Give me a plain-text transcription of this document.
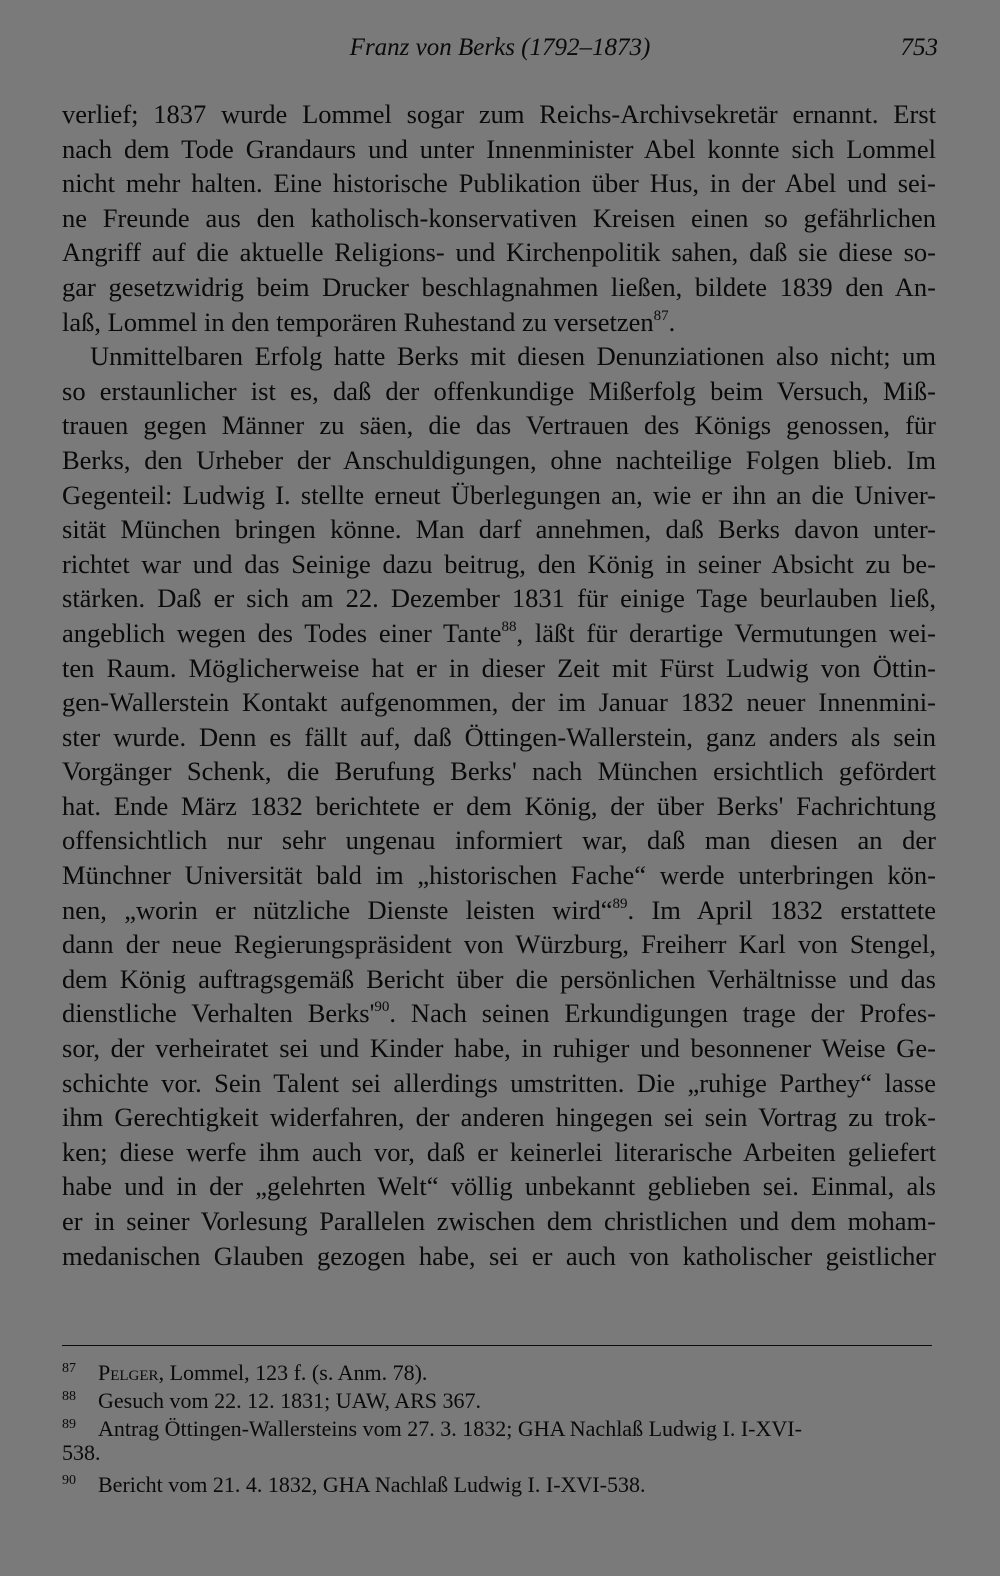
Franz von Berks (1792–1873)	753
verlief; 1837 wurde Lommel sogar zum Reichs-Archivsekretär ernannt. Erst
nach dem Tode Grandaurs und unter Innenminister Abel konnte sich Lommel
nicht mehr halten. Eine historische Publikation über Hus, in der Abel und sei-
ne Freunde aus den katholisch-konservativen Kreisen einen so gefährlichen
Angriff auf die aktuelle Religions- und Kirchenpolitik sahen, daß sie diese so-
gar gesetzwidrig beim Drucker beschlagnahmen ließen, bildete 1839 den An-
laß, Lommel in den temporären Ruhestand zu versetzen$^{87}$.
Unmittelbaren Erfolg hatte Berks mit diesen Denunziationen also nicht; um
so erstaunlicher ist es, daß der offenkundige Mißerfolg beim Versuch, Miß-
trauen gegen Männer zu säen, die das Vertrauen des Königs genossen, für
Berks, den Urheber der Anschuldigungen, ohne nachteilige Folgen blieb. Im
Gegenteil: Ludwig I. stellte erneut Überlegungen an, wie er ihn an die Univer-
sität München bringen könne. Man darf annehmen, daß Berks davon unter-
richtet war und das Seinige dazu beitrug, den König in seiner Absicht zu be-
stärken. Daß er sich am 22. Dezember 1831 für einige Tage beurlauben ließ,
angeblich wegen des Todes einer Tante$^{88}$, läßt für derartige Vermutungen wei-
ten Raum. Möglicherweise hat er in dieser Zeit mit Fürst Ludwig von Öttin-
gen-Wallerstein Kontakt aufgenommen, der im Januar 1832 neuer Innenmini-
ster wurde. Denn es fällt auf, daß Öttingen-Wallerstein, ganz anders als sein
Vorgänger Schenk, die Berufung Berks' nach München ersichtlich gefördert
hat. Ende März 1832 berichtete er dem König, der über Berks' Fachrichtung
offensichtlich nur sehr ungenau informiert war, daß man diesen an der
Münchner Universität bald im „historischen Fache“ werde unterbringen kön-
nen, „worin er nützliche Dienste leisten wird“$^{89}$. Im April 1832 erstattete
dann der neue Regierungspräsident von Würzburg, Freiherr Karl von Stengel,
dem König auftragsgemäß Bericht über die persönlichen Verhältnisse und das
dienstliche Verhalten $Berks'^{90}$. Nach seinen Erkundigungen trage der Profes-
sor, der verheiratet sei und Kinder habe, in ruhiger und besonnener Weise Ge-
schichte vor. Sein Talent sei allerdings umstritten. Die „ruhige Parthey“ lasse
ihm Gerechtigkeit widerfahren, der anderen hingegen sei sein Vortrag zu trok-
ken; diese werfe ihm auch vor, daß er keinerlei literarische Arbeiten geliefert
habe und in der „gelehrten Welt“ völlig unbekannt geblieben sei. Einmal, als
er in seiner Vorlesung Parallelen zwischen dem christlichen und dem moham-
medanischen Glauben gezogen habe, sei er auch von katholischer geistlicher
87 Pelger, Lommel, 123 f. (s. Anm. 78).
88 Gesuch vom 22. 12. 1831; UAW, ARS 367.
89 Antrag Öttingen-Wallersteins vom 27. 3. 1832; GHA Nachlaß Ludwig I. I-XVI-
538.
90 Bericht vom 21. 4. 1832, GHA Nachlaß Ludwig I. I-XVI-538.
